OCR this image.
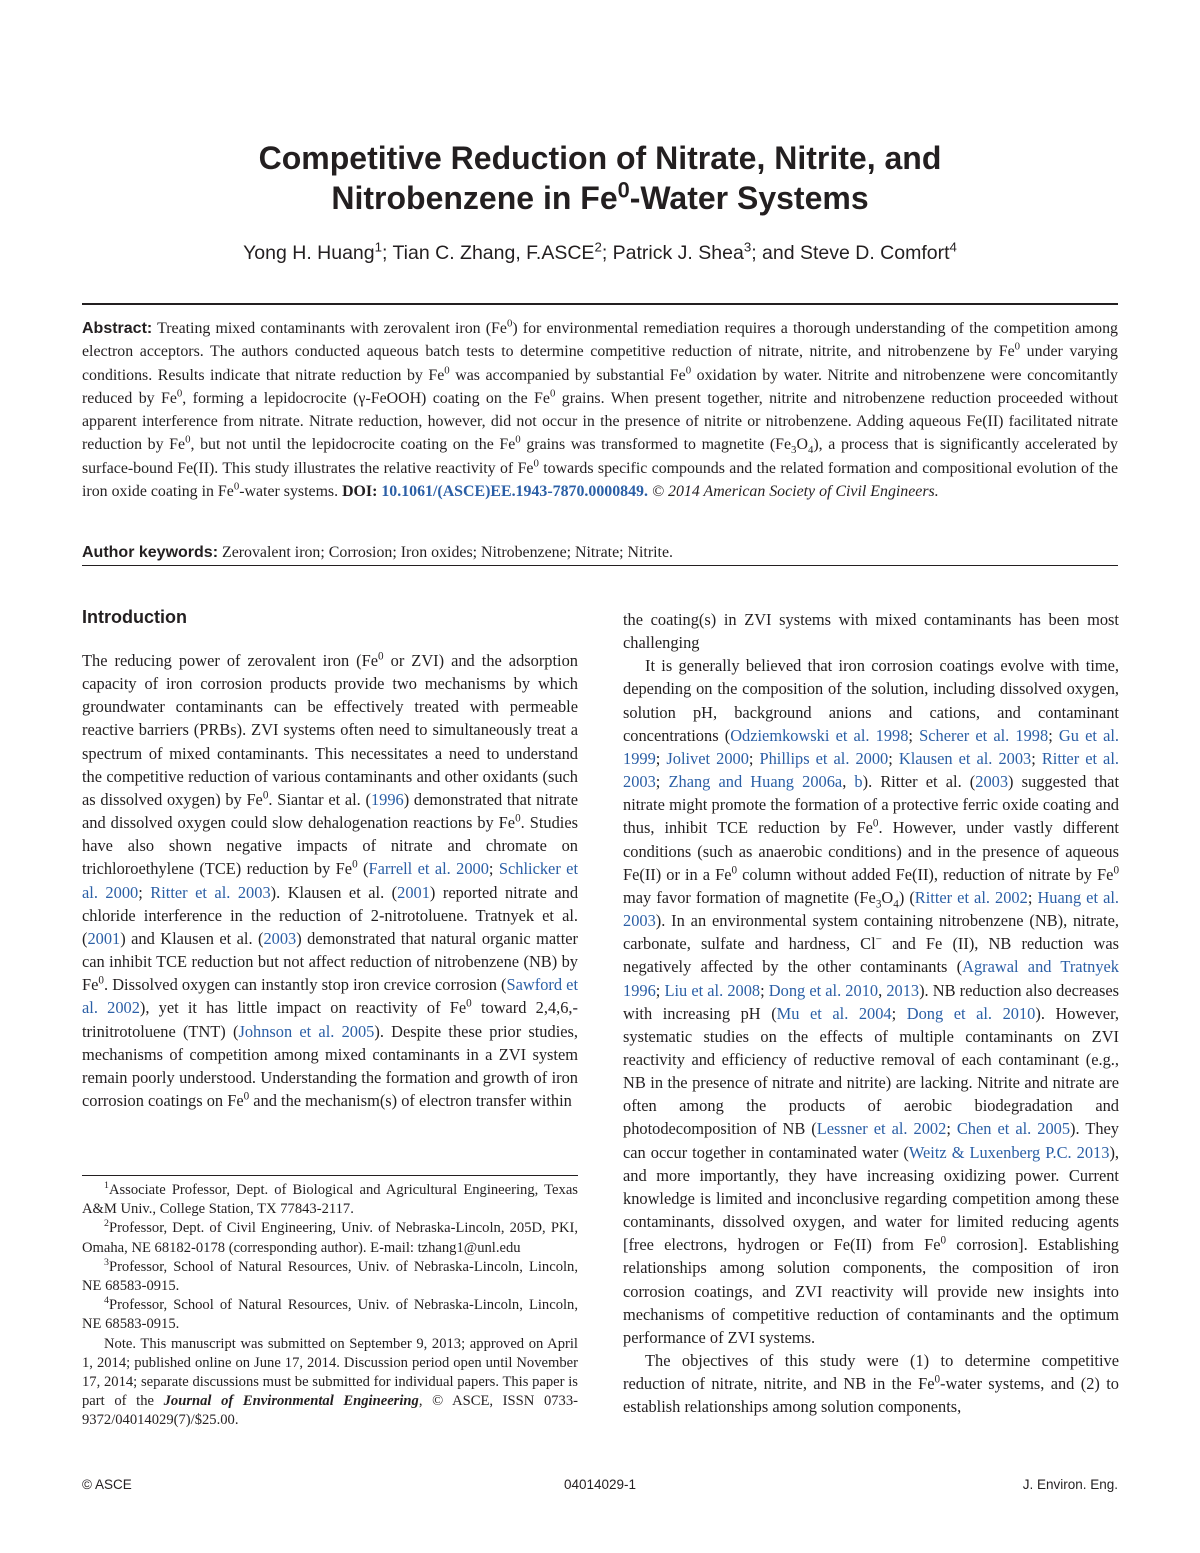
Competitive Reduction of Nitrate, Nitrite, and
Nitrobenzene in Fe$^0$-Water Systems
Yong H. Huang$^1$; Tian C. Zhang, F.ASCE$^2$; Patrick J. Shea$^3$; and Steve D. Comfort$^4$
Abstract: Treating mixed contaminants with zerovalent iron (Fe$^0$) for environmental remediation requires a thorough understanding of the competition among electron acceptors. The authors conducted aqueous batch tests to determine competitive reduction of nitrate, nitrite, and nitrobenzene by Fe$^0$ under varying conditions. Results indicate that nitrate reduction by Fe$^0$ was accompanied by substantial Fe$^0$ oxidation by water. Nitrite and nitrobenzene were concomitantly reduced by Fe$^0$, forming a lepidocrocite (γ-FeOOH) coating on the Fe$^0$ grains. When present together, nitrite and nitrobenzene reduction proceeded without apparent interference from nitrate. Nitrate reduction, however, did not occur in the presence of nitrite or nitrobenzene. Adding aqueous Fe(II) facilitated nitrate reduction by Fe$^0$, but not until the lepidocrocite coating on the Fe$^0$ grains was transformed to magnetite $(Fe_3O_4)$, a process that is significantly accelerated by surface-bound Fe(II). This study illustrates the relative reactivity of Fe$^0$ towards specific compounds and the related formation and compositional evolution of the iron oxide coating in Fe$^0$-water systems. DOI: 10.1061/(ASCE)EE.1943-7870.0000849. © 2014 American Society of Civil Engineers.
Author keywords: Zerovalent iron; Corrosion; Iron oxides; Nitrobenzene; Nitrate; Nitrite.
Introduction

The reducing power of zerovalent iron (Fe$^0$ or ZVI) and the adsorption capacity of iron corrosion products provide two mechanisms by which groundwater contaminants can be effectively treated with permeable reactive barriers (PRBs). ZVI systems often need to simultaneously treat a spectrum of mixed contaminants. This necessitates a need to understand the competitive reduction of various contaminants and other oxidants (such as dissolved oxygen) by Fe$^0$. Siantar et al. (1996) demonstrated that nitrate and dissolved oxygen could slow dehalogenation reactions by Fe$^0$. Studies have also shown negative impacts of nitrate and chromate on trichloroethylene (TCE) reduction by Fe$^0$ (Farrell et al. 2000; Schlicker et al. 2000; Ritter et al. 2003). Klausen et al. (2001) reported nitrate and chloride interference in the reduction of 2-nitrotoluene. Tratnyek et al. (2001) and Klausen et al. (2003) demonstrated that natural organic matter can inhibit TCE reduction but not affect reduction of nitrobenzene (NB) by Fe$^0$. Dissolved oxygen can instantly stop iron crevice corrosion (Sawford et al. 2002), yet it has little impact on reactivity of Fe$^0$ toward 2,4,6,-trinitrotoluene (TNT) (Johnson et al. 2005). Despite these prior studies, mechanisms of competition among mixed contaminants in a ZVI system remain poorly understood. Understanding the formation and growth of iron corrosion coatings on Fe$^0$ and the mechanism(s) of electron transfer within

$^1$Associate Professor, Dept. of Biological and Agricultural Engineering, Texas A&M Univ., College Station, TX 77843-2117.

$^2$Professor, Dept. of Civil Engineering, Univ. of Nebraska-Lincoln, 205D, PKI, Omaha, NE 68182-0178 (corresponding author). E-mail: tzhang1@unl.edu

$^3$Professor, School of Natural Resources, Univ. of Nebraska-Lincoln, Lincoln, NE 68583-0915.

$^4$Professor, School of Natural Resources, Univ. of Nebraska-Lincoln, Lincoln, NE 68583-0915.

Note. This manuscript was submitted on September 9, 2013; approved on April 1, 2014; published online on June 17, 2014. Discussion period open until November 17, 2014; separate discussions must be submitted for individual papers. This paper is part of the Journal of Environmental Engineering, © ASCE, ISSN 0733-9372/04014029(7)/$25.00.

the coating(s) in ZVI systems with mixed contaminants has been most challenging

It is generally believed that iron corrosion coatings evolve with time, depending on the composition of the solution, including dissolved oxygen, solution pH, background anions and cations, and contaminant concentrations (Odziemkowski et al. 1998; Scherer et al. 1998; Gu et al. 1999; Jolivet 2000; Phillips et al. 2000; Klausen et al. 2003; Ritter et al. 2003; Zhang and Huang 2006a, b). Ritter et al. (2003) suggested that nitrate might promote the formation of a protective ferric oxide coating and thus, inhibit TCE reduction by Fe$^0$. However, under vastly different conditions (such as anaerobic conditions) and in the presence of aqueous Fe(II) or in a Fe$^0$ column without added Fe(II), reduction of nitrate by Fe$^0$ may favor formation of magnetite $(Fe_3O_4)$ (Ritter et al. 2002; Huang et al. 2003). In an environmental system containing nitrobenzene (NB), nitrate, carbonate, sulfate and hardness, Cl− and Fe (II), NB reduction was negatively affected by the other contaminants (Agrawal and Tratnyek 1996; Liu et al. 2008; Dong et al. 2010, 2013). NB reduction also decreases with increasing pH (Mu et al. 2004; Dong et al. 2010). However, systematic studies on the effects of multiple contaminants on ZVI reactivity and efficiency of reductive removal of each contaminant (e.g., NB in the presence of nitrate and nitrite) are lacking. Nitrite and nitrate are often among the products of aerobic biodegradation and photodecomposition of NB (Lessner et al. 2002; Chen et al. 2005). They can occur together in contaminated water (Weitz & Luxenberg P.C. 2013), and more importantly, they have increasing oxidizing power. Current knowledge is limited and inconclusive regarding competition among these contaminants, dissolved oxygen, and water for limited reducing agents [free electrons, hydrogen or Fe(II) from Fe$^0$ corrosion]. Establishing relationships among solution components, the composition of iron corrosion coatings, and ZVI reactivity will provide new insights into mechanisms of competitive reduction of contaminants and the optimum performance of ZVI systems.

The objectives of this study were (1) to determine competitive reduction of nitrate, nitrite, and NB in the Fe$^0$-water systems, and (2) to establish relationships among solution components,

© ASCE	04014029-1	J. Environ. Eng.
